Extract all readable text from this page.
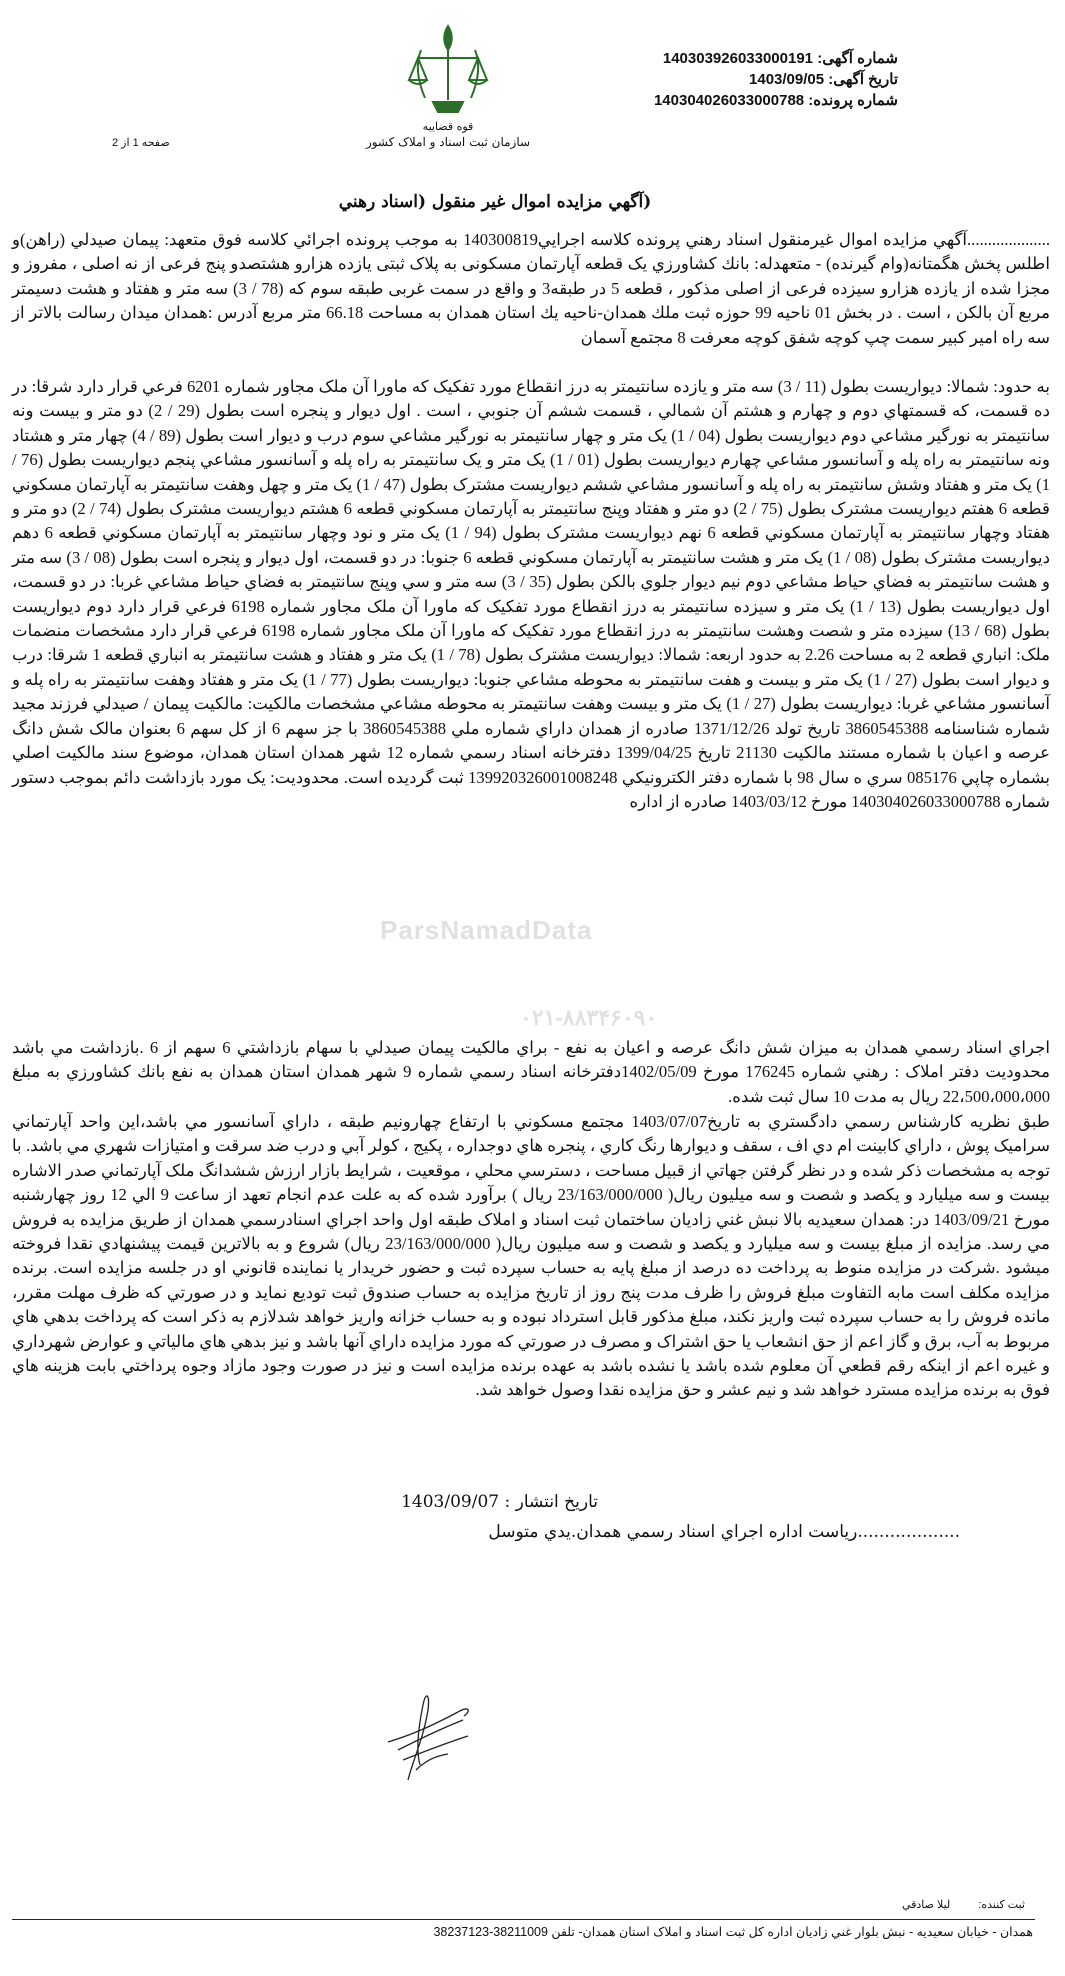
شماره آگهی: 140303926033000191
تاریخ آگهی: 1403/09/05
شماره پرونده: 140304026033000788
قوه قضاییه
سازمان ثبت اسناد و املاک کشور
صفحه 1 از 2
(آگهي مزايده اموال غير منقول (اسناد رهني
....................آگهي مزايده اموال غيرمنقول اسناد رهني پرونده كلاسه اجرايي140300819 به موجب پرونده اجرائي كلاسه فوق متعهد: پيمان صيدلي (راهن)و اطلس پخش هگمتانه(وام گيرنده) - متعهدله: بانك كشاورزي يک قطعه آپارتمان مسکونی به پلاک ثبتی یازده هزارو هشتصدو پنج فرعی از نه اصلی ، مفروز و مجزا شده از یازده هزارو سیزده فرعی از اصلی مذکور ، قطعه 5 در طبقه3 و واقع در سمت غربی طبقه سوم كه (78 / 3) سه متر و هفتاد و هشت دسيمتر مربع آن بالكن ، است . در بخش 01 ناحيه 99 حوزه ثبت ملك همدان-ناحيه يك استان همدان به مساحت 66.18 متر مربع آدرس :همدان ميدان رسالت بالاتر از سه راه امير كبير سمت چپ كوچه شفق كوچه معرفت 8 مجتمع آسمان
به حدود: شمالا: ديواريست بطول (11 / 3) سه متر و يازده سانتيمتر به درز انقطاع مورد تفكيک كه ماورا آن ملک مجاور شماره 6201 فرعي قرار دارد شرقا: در ده قسمت، كه قسمتهاي دوم و چهارم و هشتم آن شمالي ، قسمت ششم آن جنوبي ، است . اول ديوار و پنجره است بطول (29 / 2) دو متر و بيست ونه سانتيمتر به نورگير مشاعي دوم ديواريست بطول (04 / 1) يک متر و چهار سانتيمتر به نورگير مشاعي سوم درب و ديوار است بطول (89 / 4) چهار متر و هشتاد ونه سانتيمتر به راه پله و آسانسور مشاعي چهارم ديواريست بطول (01 / 1) يک متر و يک سانتيمتر به راه پله و آسانسور مشاعي پنجم ديواريست بطول (76 / 1) يک متر و هفتاد وشش سانتيمتر به راه پله و آسانسور مشاعي ششم ديواريست مشترک بطول (47 / 1) يک متر و چهل وهفت سانتيمتر به آپارتمان مسكوني قطعه 6 هفتم ديواريست مشترک بطول (75 / 2) دو متر و هفتاد وپنج سانتيمتر به آپارتمان مسكوني قطعه 6 هشتم ديواريست مشترک بطول (74 / 2) دو متر و هفتاد وچهار سانتيمتر به آپارتمان مسكوني قطعه 6 نهم ديواريست مشترک بطول (94 / 1) يک متر و نود وچهار سانتيمتر به آپارتمان مسكوني قطعه 6 دهم ديواريست مشترک بطول (08 / 1) يک متر و هشت سانتيمتر به آپارتمان مسكوني قطعه 6 جنوبا: در دو قسمت، اول ديوار و پنجره است بطول (08 / 3) سه متر و هشت سانتيمتر به فضاي حياط مشاعي دوم نيم ديوار جلوي بالكن بطول (35 / 3) سه متر و سي وپنج سانتيمتر به فضاي حياط مشاعي غربا: در دو قسمت، اول ديواريست بطول (13 / 1) يک متر و سيزده سانتيمتر به درز انقطاع مورد تفكيک كه ماورا آن ملک مجاور شماره 6198 فرعي قرار دارد دوم ديواريست بطول (68 / 13) سيزده متر و شصت وهشت سانتيمتر به درز انقطاع مورد تفكيک كه ماورا آن ملک مجاور شماره 6198 فرعي قرار دارد مشخصات منضمات ملک: انباري قطعه 2 به مساحت 2.26 به حدود اربعه: شمالا: ديواريست مشترک بطول (78 / 1) يک متر و هفتاد و هشت سانتيمتر به انباري قطعه 1 شرقا: درب و ديوار است بطول (27 / 1) يک متر و بيست و هفت سانتيمتر به محوطه مشاعي جنوبا: ديواريست بطول (77 / 1) يک متر و هفتاد وهفت سانتيمتر به راه پله و آسانسور مشاعي غربا: ديواريست بطول (27 / 1) يک متر و بيست وهفت سانتيمتر به محوطه مشاعي مشخصات مالكيت: مالكيت پيمان / صيدلي فرزند مجيد شماره شناسنامه 3860545388 تاريخ تولد 1371/12/26 صادره از همدان داراي شماره ملي 3860545388 با جز سهم 6 از كل سهم 6 بعنوان مالک شش دانگ عرصه و اعيان با شماره مستند مالكيت 21130 تاريخ 1399/04/25 دفترخانه اسناد رسمي شماره 12 شهر همدان استان همدان، موضوع سند مالكيت اصلي بشماره چاپي 085176 سري ه سال 98 با شماره دفتر الكترونيكي 139920326001008248 ثبت گرديده است. محدوديت: يک مورد بازداشت دائم بموجب دستور شماره 140304026033000788 مورخ 1403/03/12 صادره از اداره
ParsNamadData
۰۲۱-۸۸۳۴۶۰۹۰
اجراي اسناد رسمي همدان به ميزان شش دانگ عرصه و اعيان به نفع - براي مالكيت پيمان صيدلي با سهام بازداشتي 6 سهم از 6 .بازداشت مي باشد محدوديت دفتر املاک : رهني شماره 176245 مورخ 1402/05/09دفترخانه اسناد رسمي شماره 9 شهر همدان استان همدان به نفع بانك كشاورزي به مبلغ 22،500،000،000 ريال به مدت 10 سال ثبت شده.
طبق نظريه كارشناس رسمي دادگستري به تاريخ1403/07/07 مجتمع مسكوني با ارتفاع چهارونيم طبقه ، داراي آسانسور مي باشد،اين واحد آپارتماني سراميک پوش ، داراي كابينت ام دي اف ، سقف و ديوارها رنگ كاري ، پنجره هاي دوجداره ، پكيج ، كولر آبي و درب ضد سرقت و امتيازات شهري مي باشد. با توجه به مشخصات ذكر شده و در نظر گرفتن جهاتي از قبيل مساحت ، دسترسي محلي ، موقعيت ، شرايط بازار ارزش ششدانگ ملک آپارتماني صدر الاشاره بيست و سه ميليارد و يكصد و شصت و سه ميليون ريال( 23/163/000/000 ريال ) برآورد شده كه به علت عدم انجام تعهد از ساعت 9 الي 12 روز چهارشنبه مورخ 1403/09/21 در: همدان سعيديه بالا نبش غني زاديان ساختمان ثبت اسناد و املاک طبقه اول واحد اجراي اسنادرسمي همدان از طريق مزايده به فروش مي رسد. مزايده از مبلغ بيست و سه ميليارد و يكصد و شصت و سه ميليون ريال( 23/163/000/000 ريال) شروع و به بالاترين قيمت پيشنهادي نقدا فروخته ميشود .شركت در مزايده منوط به پرداخت ده درصد از مبلغ پايه به حساب سپرده ثبت و حضور خريدار يا نماينده قانوني او در جلسه مزايده است. برنده مزايده مكلف است مابه التفاوت مبلغ فروش را ظرف مدت پنج روز از تاريخ مزايده به حساب صندوق ثبت توديع نمايد و در صورتي كه ظرف مهلت مقرر، مانده فروش را به حساب سپرده ثبت واريز نكند، مبلغ مذكور قابل استرداد نبوده و به حساب خزانه واريز خواهد شدلازم به ذكر است كه پرداخت بدهي هاي مربوط به آب، برق و گاز اعم از حق انشعاب يا حق اشتراک و مصرف در صورتي كه مورد مزايده داراي آنها باشد و نيز بدهي هاي مالياتي و عوارض شهرداري و غيره اعم از اينكه رقم قطعي آن معلوم شده باشد يا نشده باشد به عهده برنده مزايده است و نيز در صورت وجود مازاد وجوه پرداختي بابت هزينه هاي فوق به برنده مزايده مسترد خواهد شد و نيم عشر و حق مزايده نقدا وصول خواهد شد.
تاريخ انتشار : 1403/09/07
...................رياست اداره اجراي اسناد رسمي همدان.يدي متوسل
ثبت كننده:ليلا صادقي
همدان - خيابان سعيديه - نبش بلوار غني زاديان اداره كل ثبت اسناد و املاک استان همدان- تلفن 38211009-38237123
